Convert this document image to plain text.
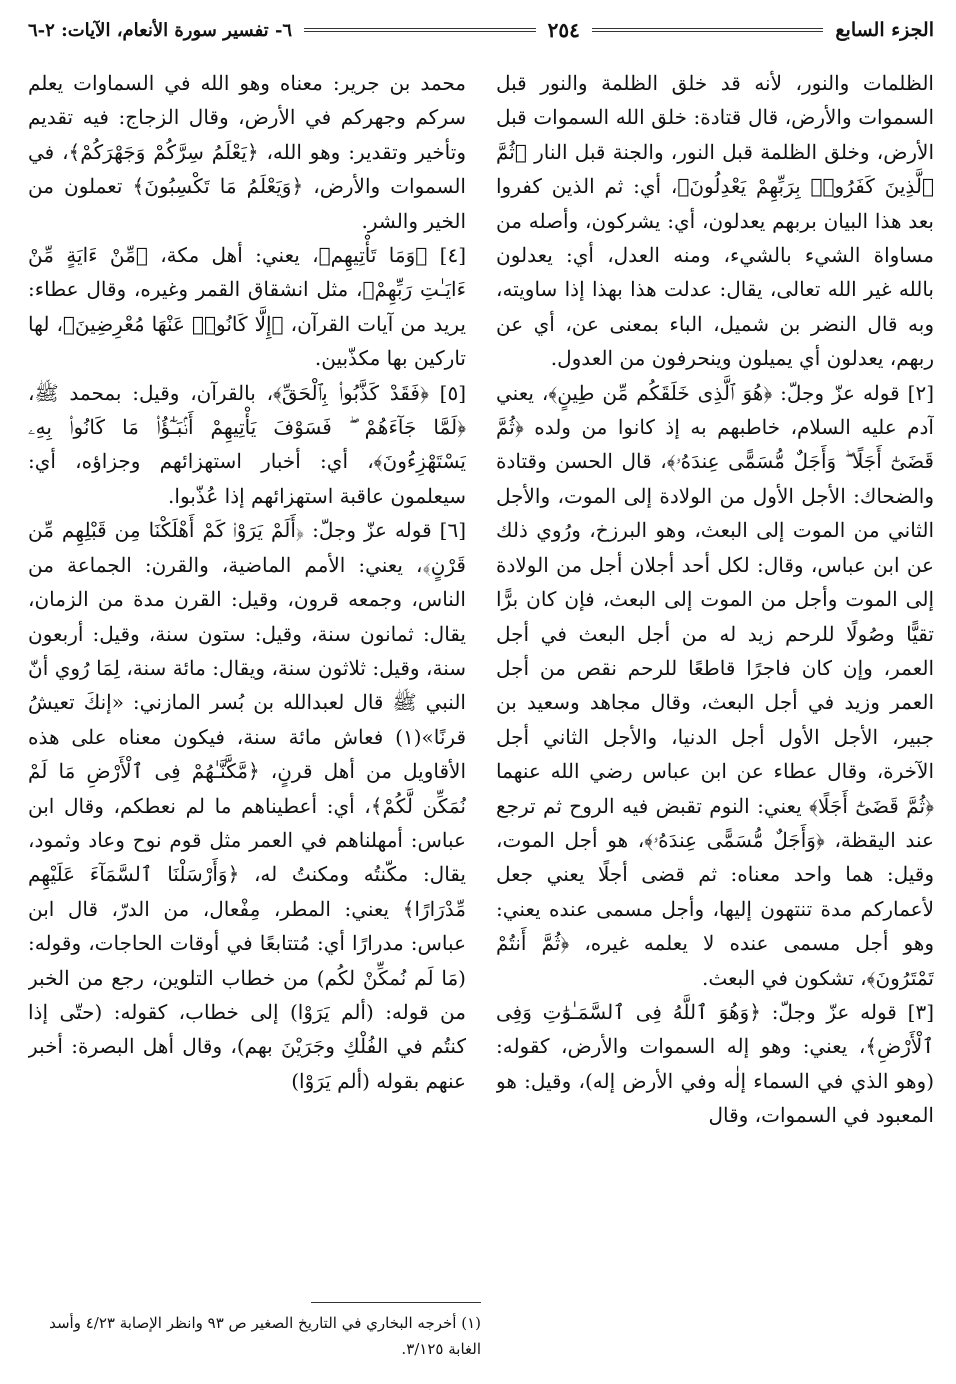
الجزء السابع
٢٥٤
٦- تفسير سورة الأنعام، الآيات: ٢-٦

الظلمات والنور، لأنه قد خلق الظلمة والنور قبل السموات والأرض، قال قتادة: خلق الله السموات قبل الأرض، وخلق الظلمة قبل النور، والجنة قبل النار ﴿ثُمَّ ٱلَّذِينَ كَفَرُوا۟ بِرَبِّهِمْ يَعْدِلُونَ﴾، أي: ثم الذين كفروا بعد هذا البيان بربهم يعدلون، أي: يشركون، وأصله من مساواة الشيء بالشيء، ومنه العدل، أي: يعدلون بالله غير الله تعالى، يقال: عدلت هذا بهذا إذا ساويته، وبه قال النضر بن شميل، الباء بمعنى عن، أي عن ربهم، يعدلون أي يميلون وينحرفون من العدول.

[٢] قوله عزّ وجلّ: ﴿هُوَ ٱلَّذِى خَلَقَكُم مِّن طِينٍ﴾، يعني آدم عليه السلام، خاطبهم به إذ كانوا من ولده ﴿ثُمَّ قَضَىٰٓ أَجَلًا ۖ وَأَجَلٌ مُّسَمًّى عِندَهُۥ﴾، قال الحسن وقتادة والضحاك: الأجل الأول من الولادة إلى الموت، والأجل الثاني من الموت إلى البعث، وهو البرزخ، ورُوي ذلك عن ابن عباس، وقال: لكل أحد أجلان أجل من الولادة إلى الموت وأجل من الموت إلى البعث، فإن كان برًّا تقيًّا وصُولًا للرحم زيد له من أجل البعث في أجل العمر، وإن كان فاجرًا قاطعًا للرحم نقص من أجل العمر وزيد في أجل البعث، وقال مجاهد وسعيد بن جبير، الأجل الأول أجل الدنيا، والأجل الثاني أجل الآخرة، وقال عطاء عن ابن عباس رضي الله عنهما ﴿ثُمَّ قَضَىٰٓ أَجَلًا﴾ يعني: النوم تقبض فيه الروح ثم ترجع عند اليقظة، ﴿وَأَجَلٌ مُّسَمًّى عِندَهُۥ﴾، هو أجل الموت، وقيل: هما واحد معناه: ثم قضى أجلًا يعني جعل لأعماركم مدة تنتهون إليها، وأجل مسمى عنده يعني: وهو أجل مسمى عنده لا يعلمه غيره، ﴿ثُمَّ أَنتُمْ تَمْتَرُونَ﴾، تشكون في البعث.

[٣] قوله عزّ وجلّ: ﴿وَهُوَ ٱللَّهُ فِى ٱلسَّمَـٰوَٰتِ وَفِى ٱلْأَرْضِ﴾، يعني: وهو إله السموات والأرض، كقوله: (وهو الذي في السماء إلٰه وفي الأرض إله)، وقيل: هو المعبود في السموات، وقال

محمد بن جرير: معناه وهو الله في السماوات يعلم سركم وجهركم في الأرض، وقال الزجاج: فيه تقديم وتأخير وتقدير: وهو الله، ﴿يَعْلَمُ سِرَّكُمْ وَجَهْرَكُمْ﴾، في السموات والأرض، ﴿وَيَعْلَمُ مَا تَكْسِبُونَ﴾ تعملون من الخير والشر.

[٤] ﴿وَمَا تَأْتِيهِم﴾، يعني: أهل مكة، ﴿مِّنْ ءَايَةٍ مِّنْ ءَايَـٰتِ رَبِّهِمْ﴾، مثل انشقاق القمر وغيره، وقال عطاء: يريد من آيات القرآن، ﴿إِلَّا كَانُوا۟ عَنْهَا مُعْرِضِينَ﴾، لها تاركين بها مكذّبين.

[٥] ﴿فَقَدْ كَذَّبُوا۟ بِٱلْحَقِّ﴾، بالقرآن، وقيل: بمحمد ﷺ، ﴿لَمَّا جَآءَهُمْ ۖ فَسَوْفَ يَأْتِيهِمْ أَنۢبَـٰٓؤُا۟ مَا كَانُوا۟ بِهِۦ يَسْتَهْزِءُونَ﴾، أي: أخبار استهزائهم وجزاؤه، أي: سيعلمون عاقبة استهزائهم إذا عُذّبوا.

[٦] قوله عزّ وجلّ: ﴿أَلَمْ يَرَوْا۟ كَمْ أَهْلَكْنَا مِن قَبْلِهِم مِّن قَرْنٍ﴾، يعني: الأمم الماضية، والقرن: الجماعة من الناس، وجمعه قرون، وقيل: القرن مدة من الزمان، يقال: ثمانون سنة، وقيل: ستون سنة، وقيل: أربعون سنة، وقيل: ثلاثون سنة، ويقال: مائة سنة، لِمَا رُوي أنّ النبي ﷺ قال لعبدالله بن بُسر المازني: «إنكَ تعيشُ قرنًا»(١) فعاش مائة سنة، فيكون معناه على هذه الأقاويل من أهل قرنٍ، ﴿مَّكَّنَّـٰهُمْ فِى ٱلْأَرْضِ مَا لَمْ نُمَكِّن لَّكُمْ﴾، أي: أعطيناهم ما لم نعطكم، وقال ابن عباس: أمهلناهم في العمر مثل قوم نوح وعاد وثمود، يقال: مكّنتُه ومكنتُ له، ﴿وَأَرْسَلْنَا ٱلسَّمَآءَ عَلَيْهِم مِّدْرَارًا﴾ يعني: المطر، مِفْعال، من الدرّ، قال ابن عباس: مدرارًا أي: مُتتابعًا في أوقات الحاجات، وقوله: (مَا لَم نُمكِّنْ لكُم) من خطاب التلوين، رجع من الخبر من قوله: (ألم يَرَوْا) إلى خطاب، كقوله: (حتّى إذا كنتُم في الفُلْكِ وجَرَيْنَ بهم)، وقال أهل البصرة: أخبر عنهم بقوله (ألم يَرَوْا)

(١) أخرجه البخاري في التاريخ الصغير ص ٩٣ وانظر الإصابة ٤/٢٣ وأسد الغابة ٣/١٢٥.
